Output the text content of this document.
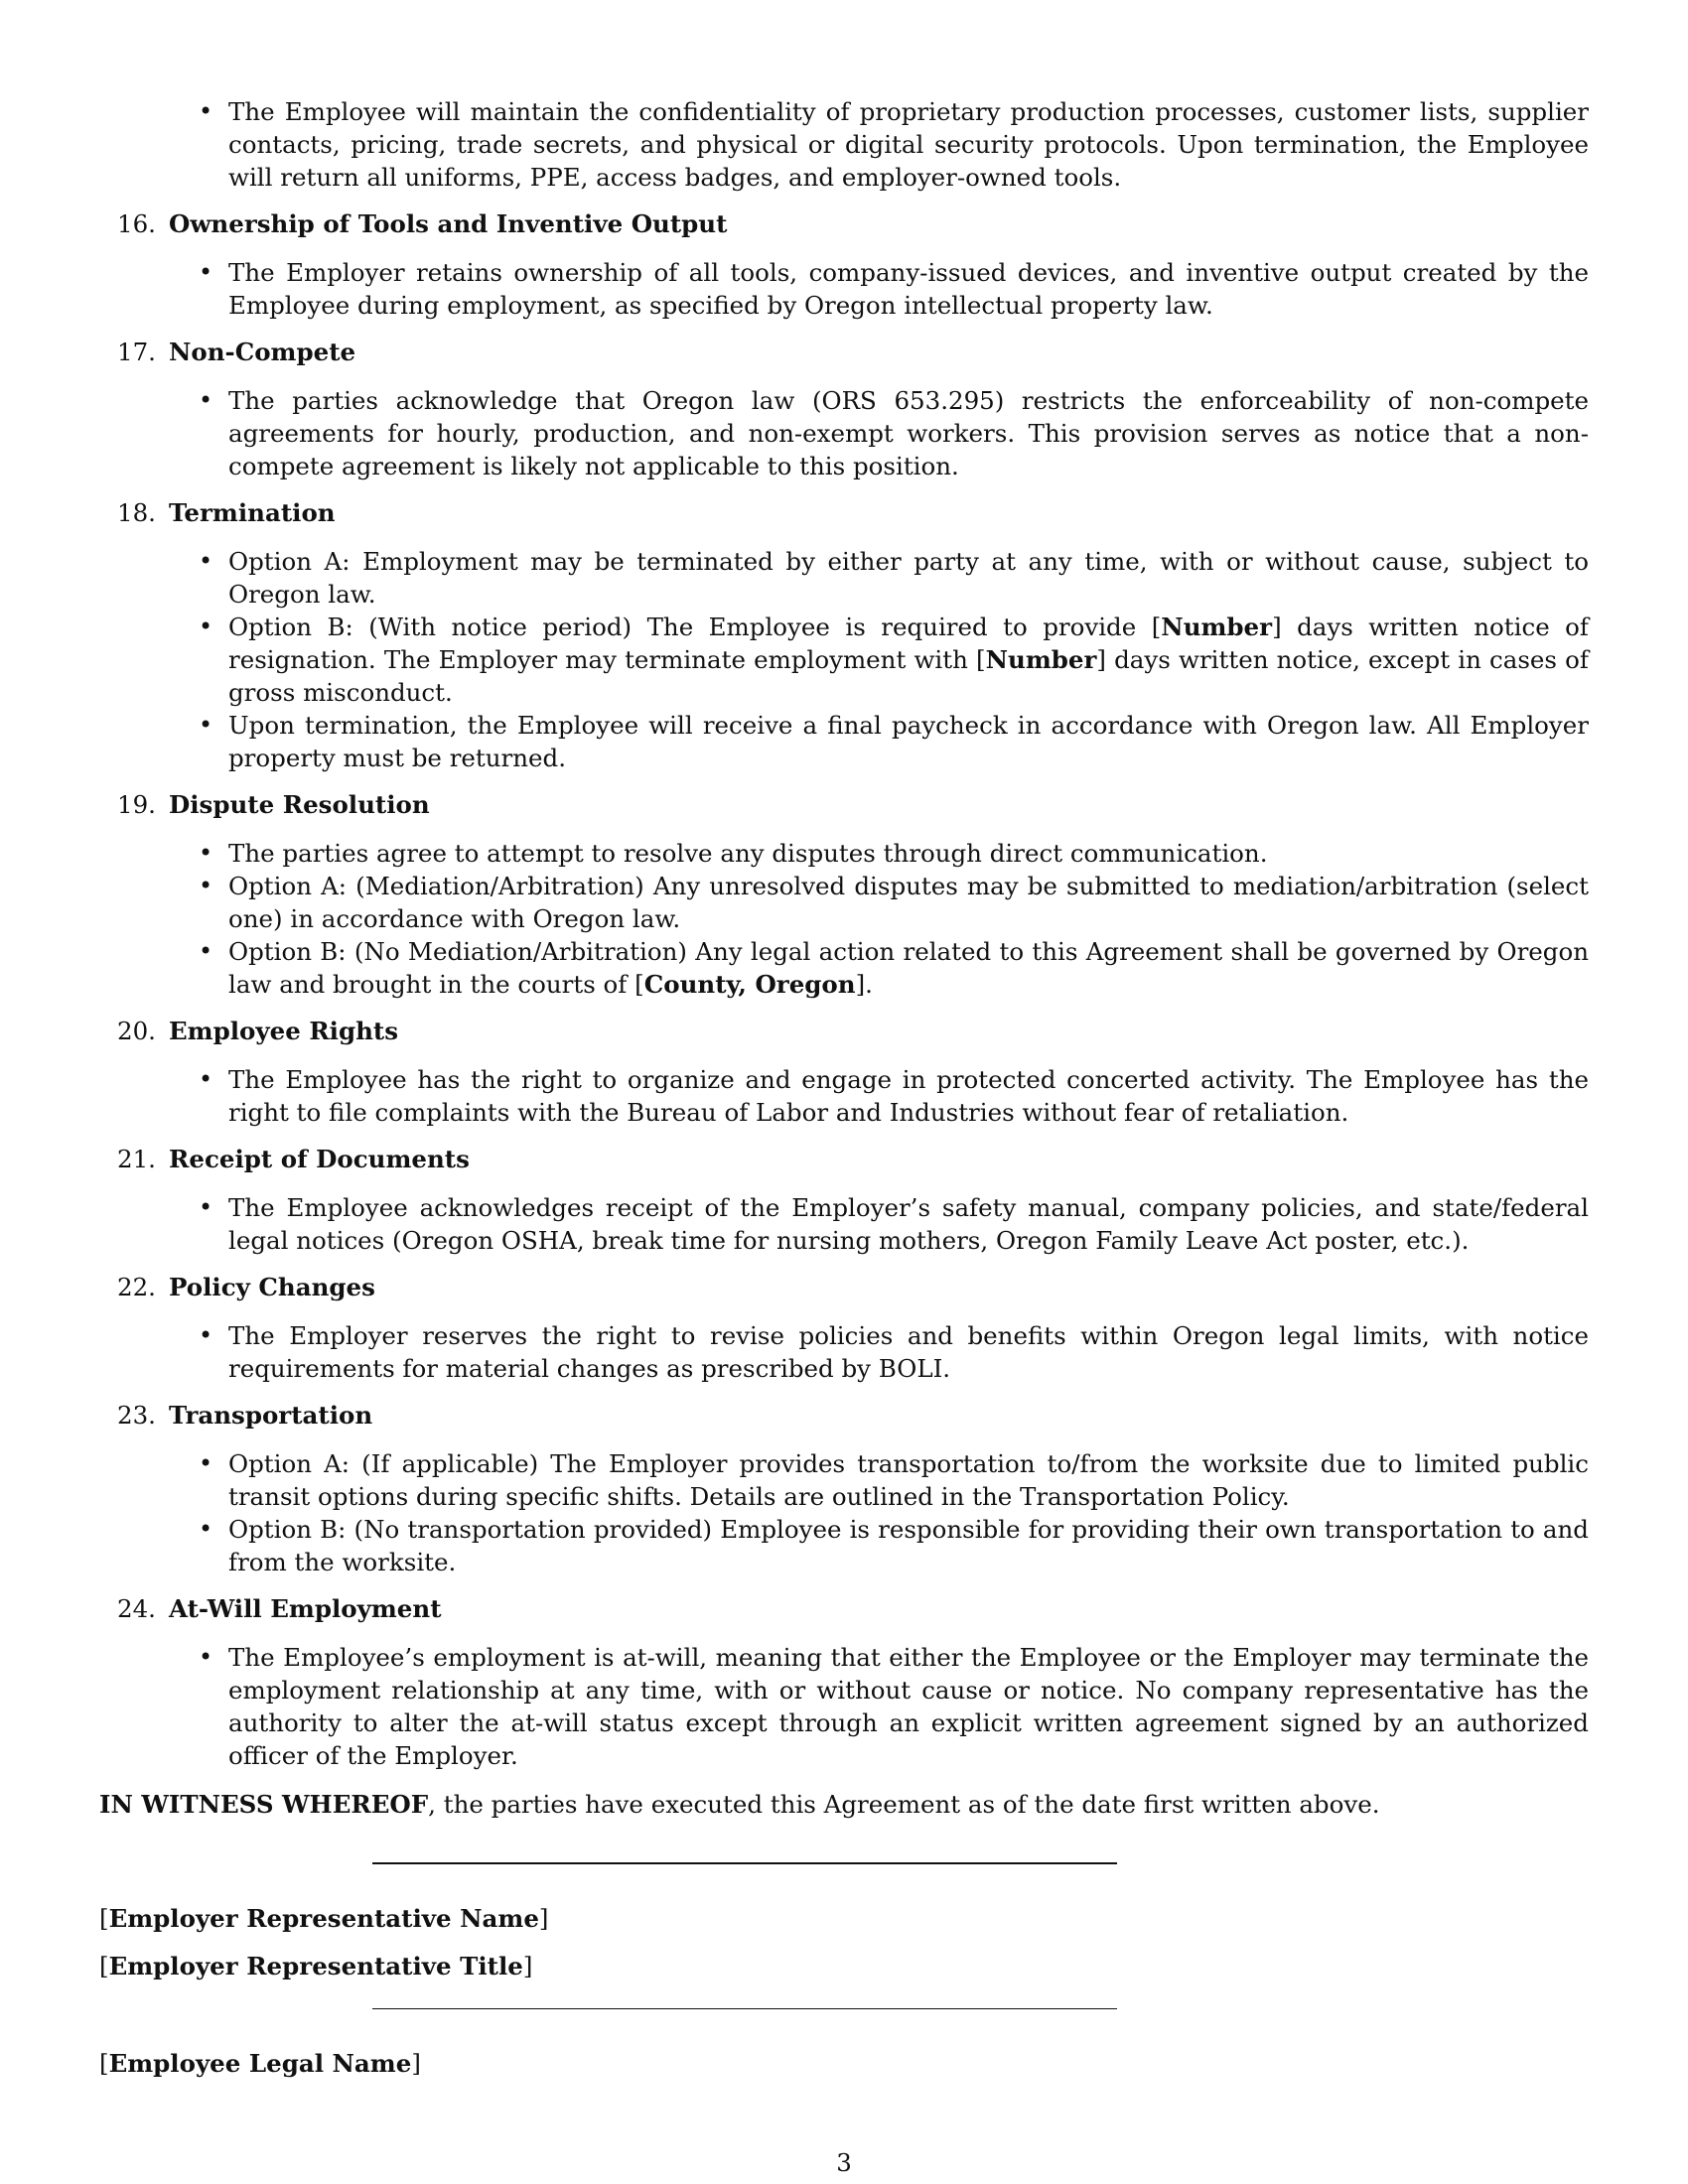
• The Employee will maintain the confidentiality of proprietary production processes, customer lists, supplier contacts, pricing, trade secrets, and physical or digital security protocols. Upon termination, the Employee will return all uniforms, PPE, access badges, and employer-owned tools.
16. Ownership of Tools and Inventive Output
• The Employer retains ownership of all tools, company-issued devices, and inventive output created by the Employee during employment, as specified by Oregon intellectual property law.
17. Non-Compete
• The parties acknowledge that Oregon law (ORS 653.295) restricts the enforceability of non-compete agreements for hourly, production, and non-exempt workers. This provision serves as notice that a non-compete agreement is likely not applicable to this position.
18. Termination
• Option A: Employment may be terminated by either party at any time, with or without cause, subject to Oregon law.
• Option B: (With notice period) The Employee is required to provide [Number] days written notice of resignation. The Employer may terminate employment with [Number] days written notice, except in cases of gross misconduct.
• Upon termination, the Employee will receive a final paycheck in accordance with Oregon law. All Employer property must be returned.
19. Dispute Resolution
• The parties agree to attempt to resolve any disputes through direct communication.
• Option A: (Mediation/Arbitration) Any unresolved disputes may be submitted to mediation/arbitration (select one) in accordance with Oregon law.
• Option B: (No Mediation/Arbitration) Any legal action related to this Agreement shall be governed by Oregon law and brought in the courts of [County, Oregon].
20. Employee Rights
• The Employee has the right to organize and engage in protected concerted activity. The Employee has the right to file complaints with the Bureau of Labor and Industries without fear of retaliation.
21. Receipt of Documents
• The Employee acknowledges receipt of the Employer’s safety manual, company policies, and state/federal legal notices (Oregon OSHA, break time for nursing mothers, Oregon Family Leave Act poster, etc.).
22. Policy Changes
• The Employer reserves the right to revise policies and benefits within Oregon legal limits, with notice requirements for material changes as prescribed by BOLI.
23. Transportation
• Option A: (If applicable) The Employer provides transportation to/from the worksite due to limited public transit options during specific shifts. Details are outlined in the Transportation Policy.
• Option B: (No transportation provided) Employee is responsible for providing their own transportation to and from the worksite.
24. At-Will Employment
• The Employee’s employment is at-will, meaning that either the Employee or the Employer may terminate the employment relationship at any time, with or without cause or notice. No company representative has the authority to alter the at-will status except through an explicit written agreement signed by an authorized officer of the Employer.
IN WITNESS WHEREOF, the parties have executed this Agreement as of the date first written above.
[Employer Representative Name]
[Employer Representative Title]
[Employee Legal Name]
3
